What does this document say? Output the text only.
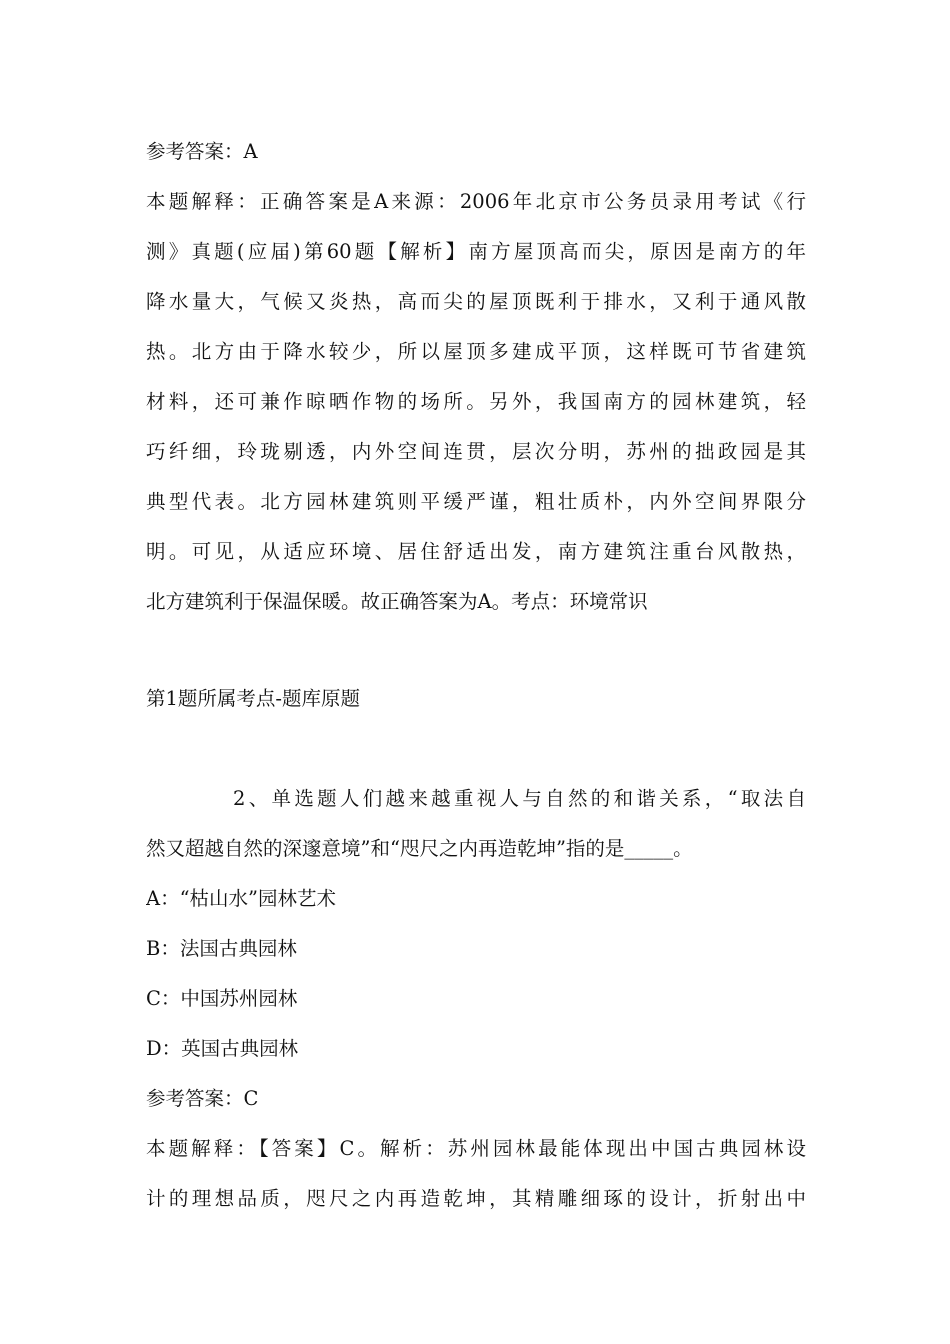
参考答案：A
本题解释：正确答案是A来源：2006年北京市公务员录用考试《行
测》真题(应届)第60题【解析】南方屋顶高而尖，原因是南方的年
降水量大，气候又炎热，高而尖的屋顶既利于排水，又利于通风散
热。北方由于降水较少，所以屋顶多建成平顶，这样既可节省建筑
材料，还可兼作晾晒作物的场所。另外，我国南方的园林建筑，轻
巧纤细，玲珑剔透，内外空间连贯，层次分明，苏州的拙政园是其
典型代表。北方园林建筑则平缓严谨，粗壮质朴，内外空间界限分
明。可见，从适应环境、居住舒适出发，南方建筑注重台风散热，
北方建筑利于保温保暖。故正确答案为A。考点：环境常识
第1题所属考点-题库原题
2、单选题人们越来越重视人与自然的和谐关系，“取法自
然又超越自然的深邃意境”和“咫尺之内再造乾坤”指的是_____。
A：“枯山水”园林艺术
B：法国古典园林
C：中国苏州园林
D：英国古典园林
参考答案：C
本题解释：【答案】C。解析：苏州园林最能体现出中国古典园林设
计的理想品质，咫尺之内再造乾坤，其精雕细琢的设计，折射出中
